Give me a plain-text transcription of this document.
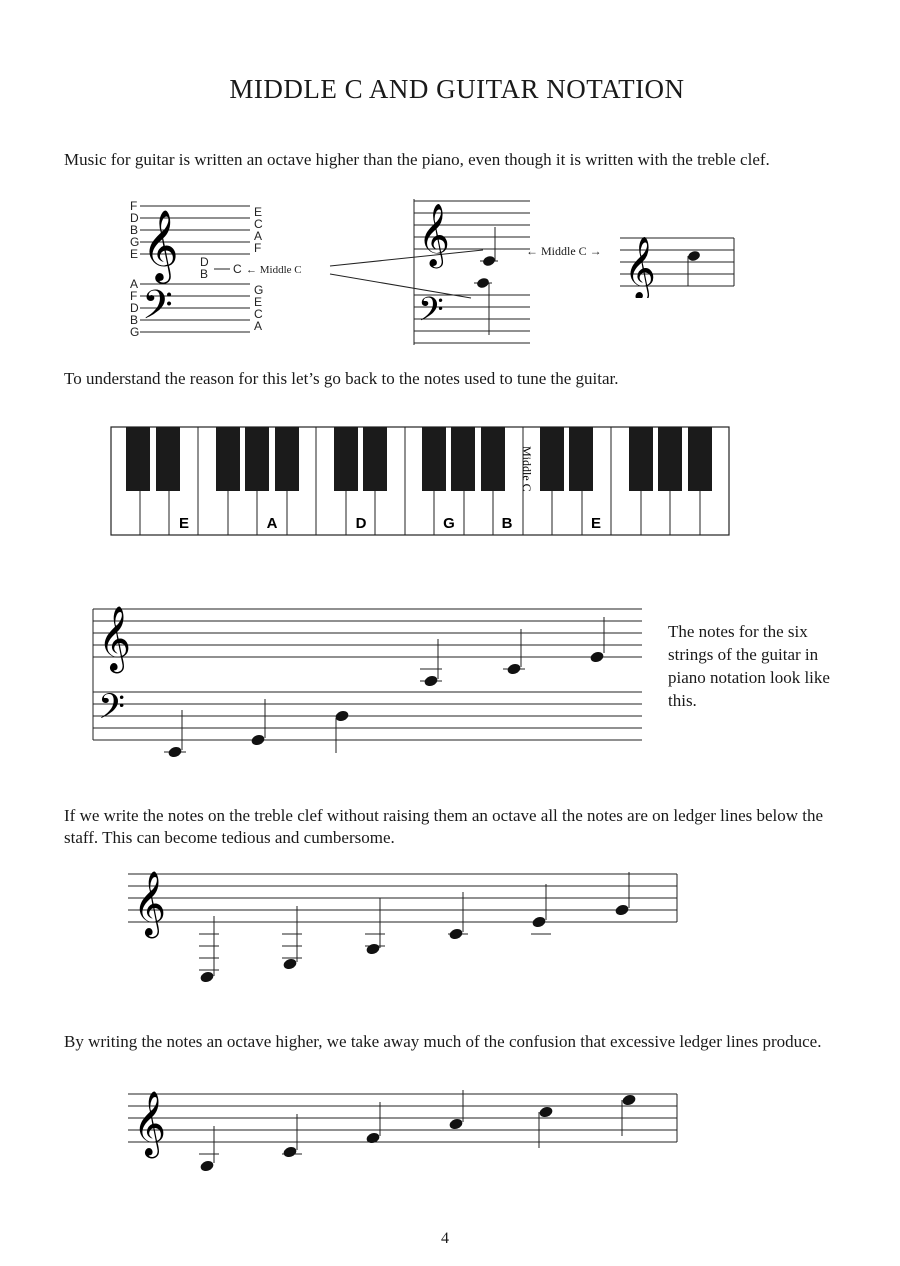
MIDDLE C AND GUITAR NOTATION
Music for guitar is written an octave higher than the piano, even though it is written with the treble clef.
𝄞
𝄢
F
D
B
G
E
E
C
A
F
D
B C ← Middle C
A
F
D
B
G
G
E
C
A
𝄞
𝄢
← Middle C → 𝄞
To understand the reason for this let’s go back to the notes used to tune the guitar.
E	A	D	G	B	E
Middle C
𝄞
𝄢
The notes for the six strings of the guitar in piano notation look like this.
If we write the notes on the treble clef without raising them an octave all the notes are on ledger lines below the staff. This can become tedious and cumbersome.
𝄞
By writing the notes an octave higher, we take away much of the confusion that excessive ledger lines produce.
𝄞
4
